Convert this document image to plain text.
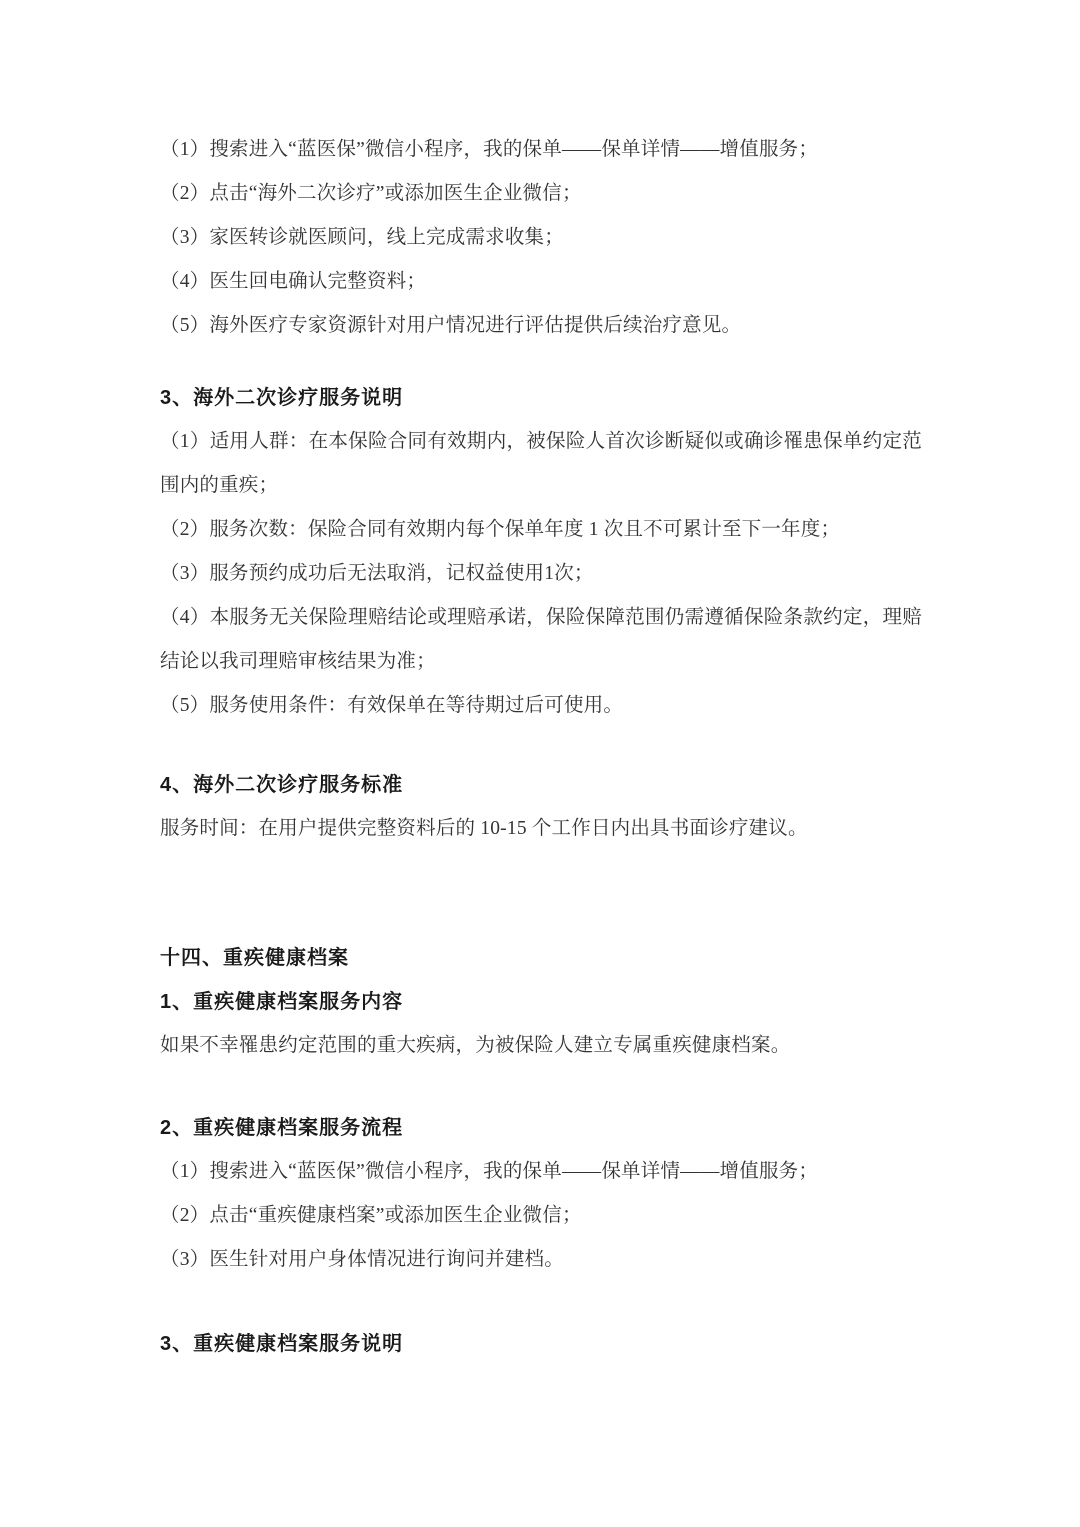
（1）搜索进入“蓝医保”微信小程序，我的保单——保单详情——增值服务；

（2）点击“海外二次诊疗”或添加医生企业微信；

（3）家医转诊就医顾问，线上完成需求收集；

（4）医生回电确认完整资料；

（5）海外医疗专家资源针对用户情况进行评估提供后续治疗意见。

3、海外二次诊疗服务说明

（1）适用人群：在本保险合同有效期内，被保险人首次诊断疑似或确诊罹患保单约定范围内的重疾；

（2）服务次数：保险合同有效期内每个保单年度 1 次且不可累计至下一年度；

（3）服务预约成功后无法取消，记权益使用1次；

（4）本服务无关保险理赔结论或理赔承诺，保险保障范围仍需遵循保险条款约定，理赔结论以我司理赔审核结果为准；

（5）服务使用条件：有效保单在等待期过后可使用。

4、海外二次诊疗服务标准

服务时间：在用户提供完整资料后的 10-15 个工作日内出具书面诊疗建议。

十四、重疾健康档案
1、重疾健康档案服务内容

如果不幸罹患约定范围的重大疾病，为被保险人建立专属重疾健康档案。

2、重疾健康档案服务流程

（1）搜索进入“蓝医保”微信小程序，我的保单——保单详情——增值服务；

（2）点击“重疾健康档案”或添加医生企业微信；

（3）医生针对用户身体情况进行询问并建档。

3、重疾健康档案服务说明
